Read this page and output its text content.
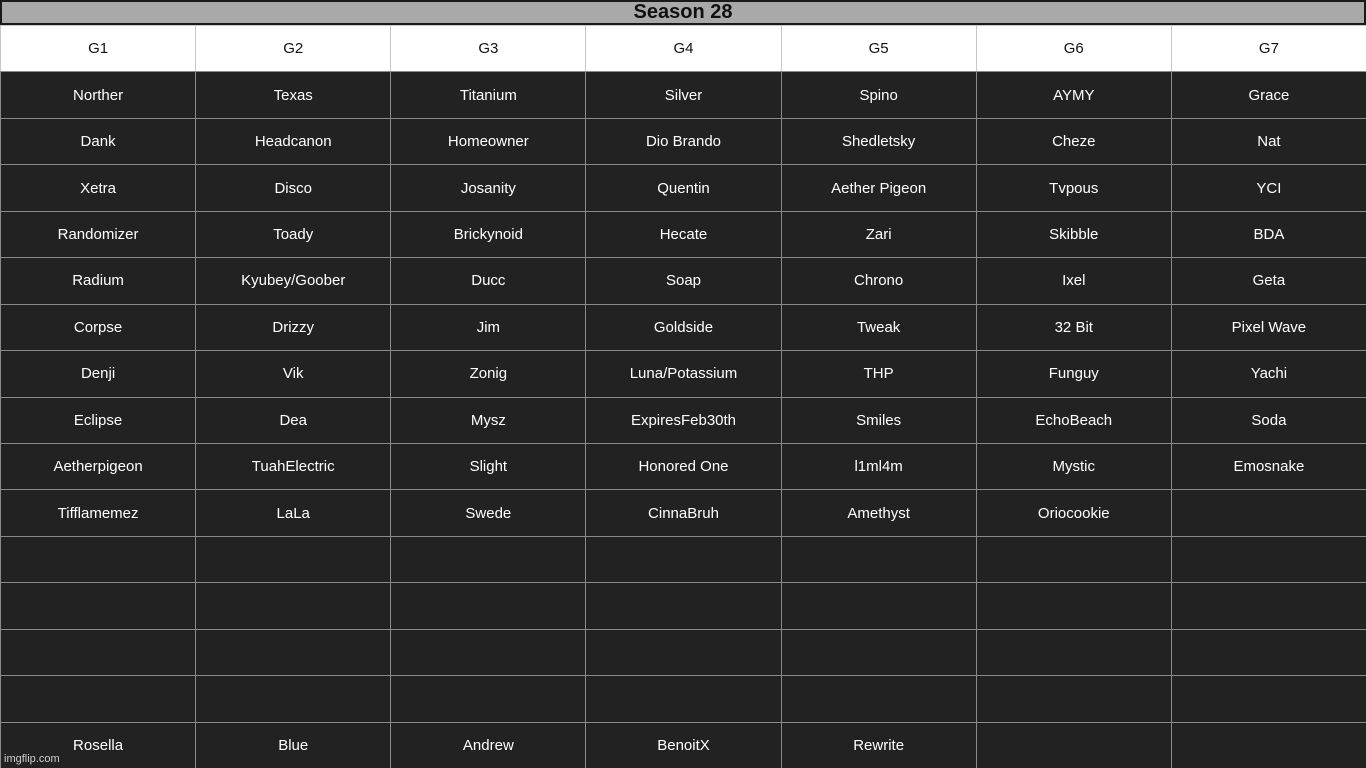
Season 28
G1	G2	G3	G4	G5	G6	G7
Norther	Texas	Titanium	Silver	Spino	AYMY	Grace
Dank	Headcanon	Homeowner	Dio Brando	Shedletsky	Cheze	Nat
Xetra	Disco	Josanity	Quentin	Aether Pigeon	Tvpous	YCI
Randomizer	Toady	Brickynoid	Hecate	Zari	Skibble	BDA
Radium	Kyubey/Goober	Ducc	Soap	Chrono	Ixel	Geta
Corpse	Drizzy	Jim	Goldside	Tweak	32 Bit	Pixel Wave
Denji	Vik	Zonig	Luna/Potassium	THP	Funguy	Yachi
Eclipse	Dea	Mysz	ExpiresFeb30th	Smiles	EchoBeach	Soda
Aetherpigeon	TuahElectric	Slight	Honored One	l1ml4m	Mystic	Emosnake
Tifflamemez	LaLa	Swede	CinnaBruh	Amethyst	Oriocookie
Rosella	Blue	Andrew	BenoitX	Rewrite
imgflip.com
